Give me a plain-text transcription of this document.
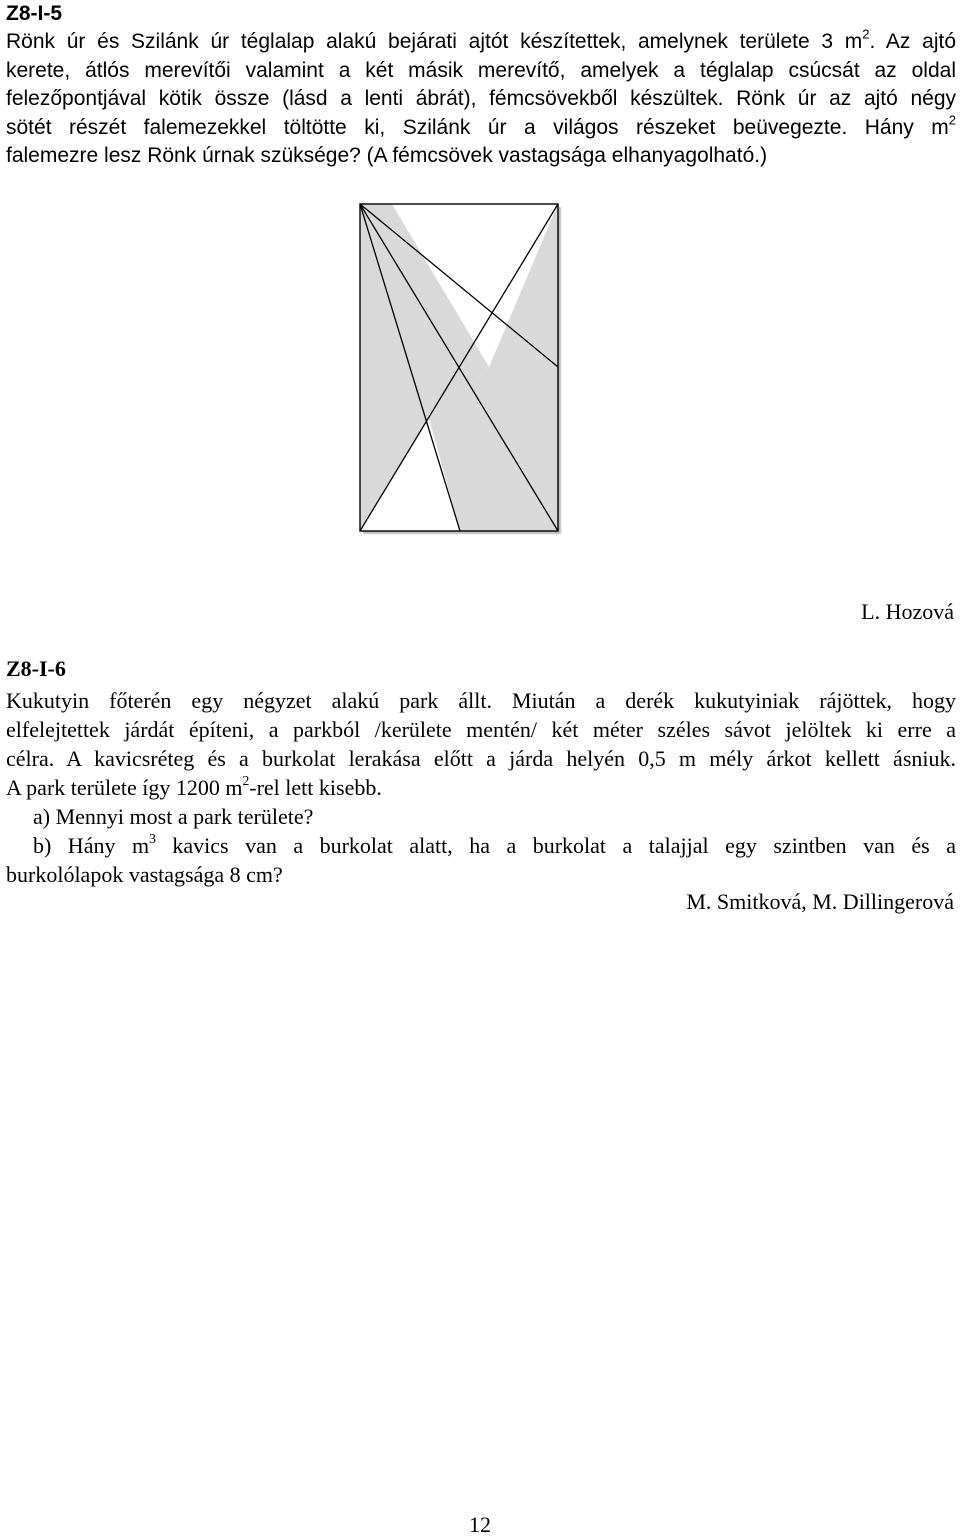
Z8-I-5
Rönk úr és Szilánk úr téglalap alakú bejárati ajtót készítettek, amelynek területe 3 $m^2$. Az ajtó
kerete, átlós merevítői valamint a két másik merevítő, amelyek a téglalap csúcsát az oldal
felezőpontjával kötik össze (lásd a lenti ábrát), fémcsövekből készültek. Rönk úr az ajtó négy
sötét részét falemezekkel töltötte ki, Szilánk úr a világos részeket beüvegezte. Hány $m^2$
falemezre lesz Rönk úrnak szüksége? (A fémcsövek vastagsága elhanyagolható.)
L. Hozová
Z8-I-6
Kukutyin főterén egy négyzet alakú park állt. Miután a derék kukutyiniak rájöttek, hogy
elfelejtettek járdát építeni, a parkból /kerülete mentén/ két méter széles sávot jelöltek ki erre a
célra. A kavicsréteg és a burkolat lerakása előtt a járda helyén 0,5 m mély árkot kellett ásniuk.
A park területe így 1200 $m^2$-rel lett kisebb.
a) Mennyi most a park területe?
b) Hány $m^3$ kavics van a burkolat alatt, ha a burkolat a talajjal egy szintben van és a
burkolólapok vastagsága 8 cm?
M. Smitková, M. Dillingerová
12
